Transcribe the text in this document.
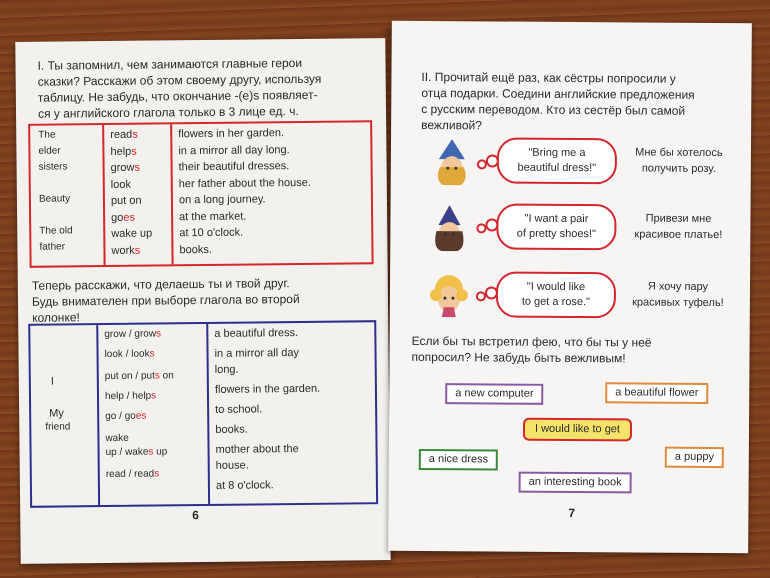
I. Ты запомнил, чем занимаются главные герои
сказки? Расскажи об этом своему другу, используя
таблицу. Не забудь, что окончание -(e)s появляет-
ся у английского глагола только в 3 лице ед. ч.
The
elder
sisters
Beauty
The old
father
reads
helps
grows
look
put on
goes
wake up
works
flowers in her garden.
in a mirror all day long.
their beautiful dresses.
her father about the house.
on a long journey.
at the market.
at 10 o'clock.
books.
Теперь расскажи, что делаешь ты и твой друг.
Будь внимателен при выборе глагола во второй
колонке!
I
My
friend
grow / grows
look / looks
put on / puts on
help / helps
go / goes
wake
up / wakes up
read / reads
a beautiful dress.
in a mirror all day
long.
flowers in the garden.
to school.
books.
mother about the
house.
at 8 o'clock.
6
II. Прочитай ещё раз, как сёстры попросили у
отца подарки. Соедини английские предложения
с русским переводом. Кто из сестёр был самой
вежливой?
"Bring me a
beautiful dress!"
"I want a pair
of pretty shoes!"
"I would like
to get a rose."
Мне бы хотелось
получить розу.
Привези мне
красивое платье!
Я хочу пару
красивых туфель!
Если бы ты встретил фею, что бы ты у неё
попросил? Не забудь быть вежливым!
a new computer	a beautiful flower
I would like to get
a nice dress	a puppy
an interesting book
7
